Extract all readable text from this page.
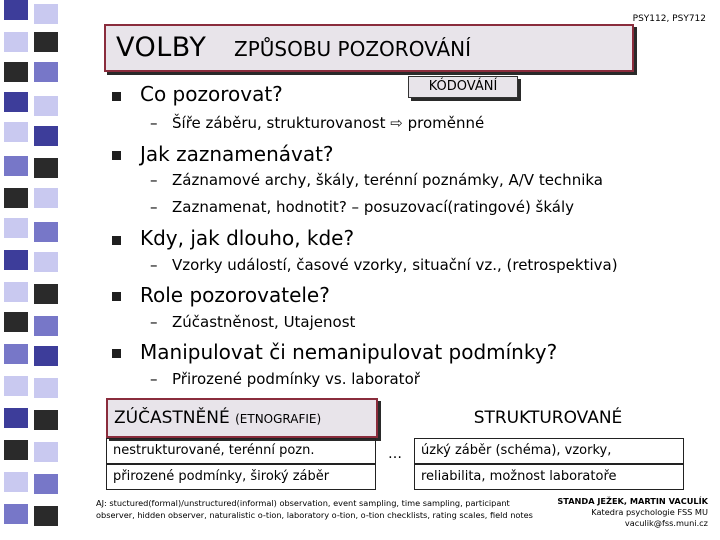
PSY112, PSY712
VOLBY ZPŮSOBU POZOROVÁNÍ
KÓDOVÁNÍ
Co pozorovat?
– Šíře záběru, strukturovanost ⇨ proměnné
Jak zaznamenávat?
– Záznamové archy, škály, terénní poznámky, A/V technika
– Zaznamenat, hodnotit? – posuzovací(ratingové) škály
Kdy, jak dlouho, kde?
– Vzorky událostí, časové vzorky, situační vz., (retrospektiva)
Role pozorovatele?
– Zúčastněnost, Utajenost
Manipulovat či nemanipulovat podmínky?
– Přirozené podmínky vs. laboratoř
ZÚČASTNĚNÉ (ETNOGRAFIE)	STRUKTUROVANÉ
nestrukturované, terénní pozn.	úzký záběr (schéma), vzorky,
…
přirozené podmínky, široký záběr	reliabilita, možnost laboratoře
AJ: stuctured(formal)/unstructured(informal) observation, event sampling, time sampling, participant
observer, hidden observer, naturalistic o-tion, laboratory o-tion, o-tion checklists, rating scales, field notes
STANDA JEŽEK, MARTIN VACULÍK
Katedra psychologie FSS MU
vaculik@fss.muni.cz
